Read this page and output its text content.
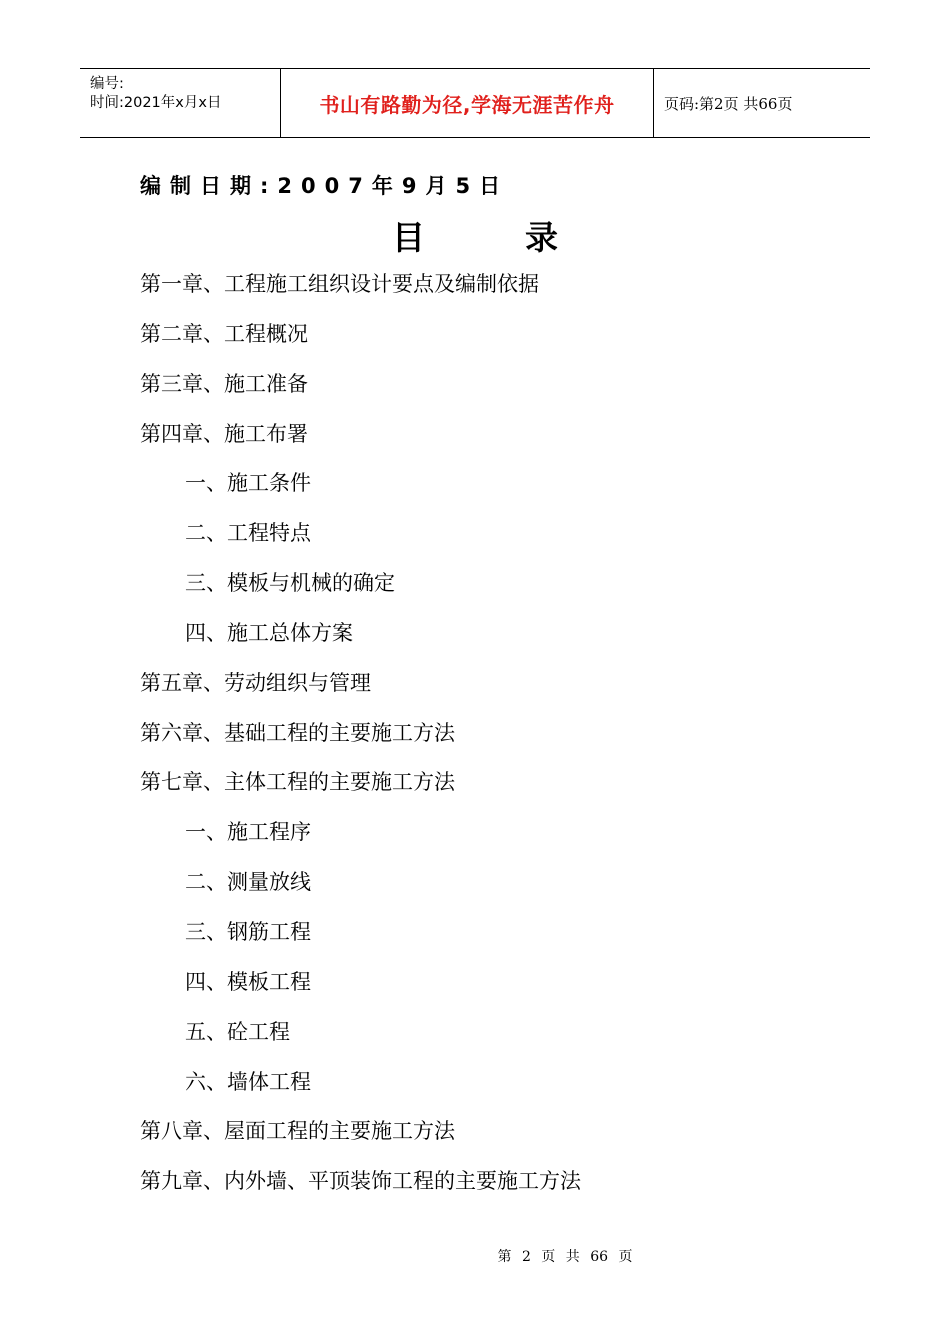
编号:
时间:2021年x月x日	书山有路勤为径,学海无涯苦作舟	页码:第2页 共66页
编制日期:2007年9月5日
目录
第一章、工程施工组织设计要点及编制依据
第二章、工程概况
第三章、施工准备
第四章、施工布署
一、施工条件
二、工程特点
三、模板与机械的确定
四、施工总体方案
第五章、劳动组织与管理
第六章、基础工程的主要施工方法
第七章、主体工程的主要施工方法
一、施工程序
二、测量放线
三、钢筋工程
四、模板工程
五、砼工程
六、墙体工程
第八章、屋面工程的主要施工方法
第九章、内外墙、平顶装饰工程的主要施工方法
第 2 页 共 66 页
